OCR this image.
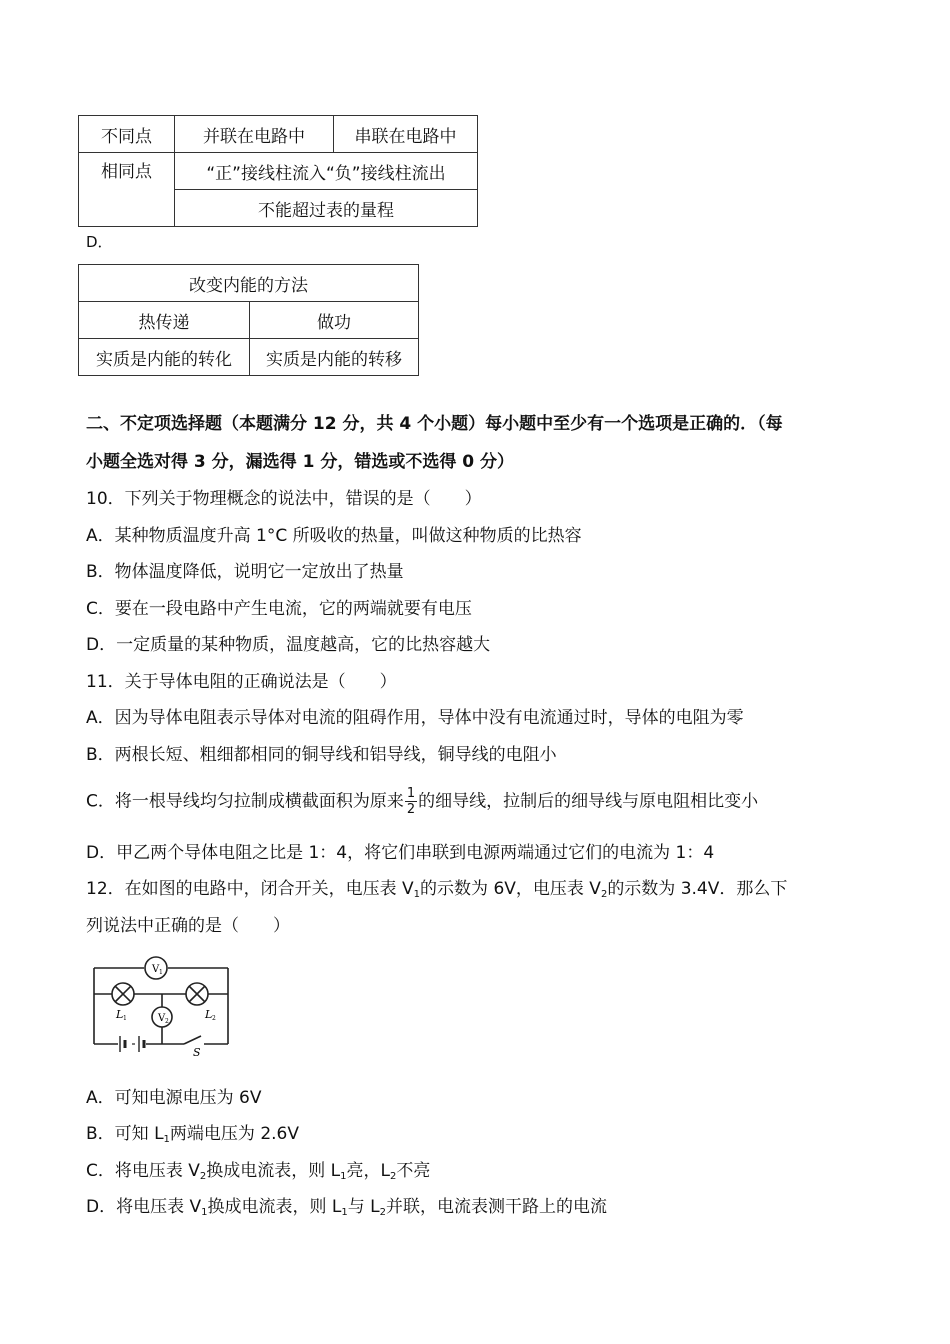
不同点	并联在电路中	串联在电路中
相同点	“正”接线柱流入“负”接线柱流出	
	不能超过表的量程	
D．
改变内能的方法	
热传递	做功
实质是内能的转化	实质是内能的转移
二、不定项选择题（本题满分 12 分，共 4 个小题）每小题中至少有一个选项是正确的．（每
小题全选对得 3 分，漏选得 1 分，错选或不选得 0 分）
10．下列关于物理概念的说法中，错误的是（　　）
A．某种物质温度升高 1°C 所吸收的热量，叫做这种物质的比热容
B．物体温度降低，说明它一定放出了热量
C．要在一段电路中产生电流，它的两端就要有电压
D．一定质量的某种物质，温度越高，它的比热容越大
11．关于导体电阻的正确说法是（　　）
A．因为导体电阻表示导体对电流的阻碍作用，导体中没有电流通过时，导体的电阻为零
B．两根长短、粗细都相同的铜导线和铝导线，铜导线的电阻小
C．将一根导线均匀拉制成横截面积为原来 $\frac{1}{2}$ 的细导线，拉制后的细导线与原电阻相比变小
D．甲乙两个导体电阻之比是 1：4，将它们串联到电源两端通过它们的电流为 1：4
12．在如图的电路中，闭合开关，电压表 $V_1$的示数为 6V，电压表 $V_2$的示数为 3.4V．那么下
列说法中正确的是（　　）
V 1
L 1	L 2
V 2
S
A．可知电源电压为 6V
B．可知 $L_1$两端电压为 2.6V
C．将电压表 $V_2$换成电流表，则 $L_1$亮，$L_2$不亮
D．将电压表 $V_1$换成电流表，则 $L_1$与 $L_2$并联，电流表测干路上的电流
